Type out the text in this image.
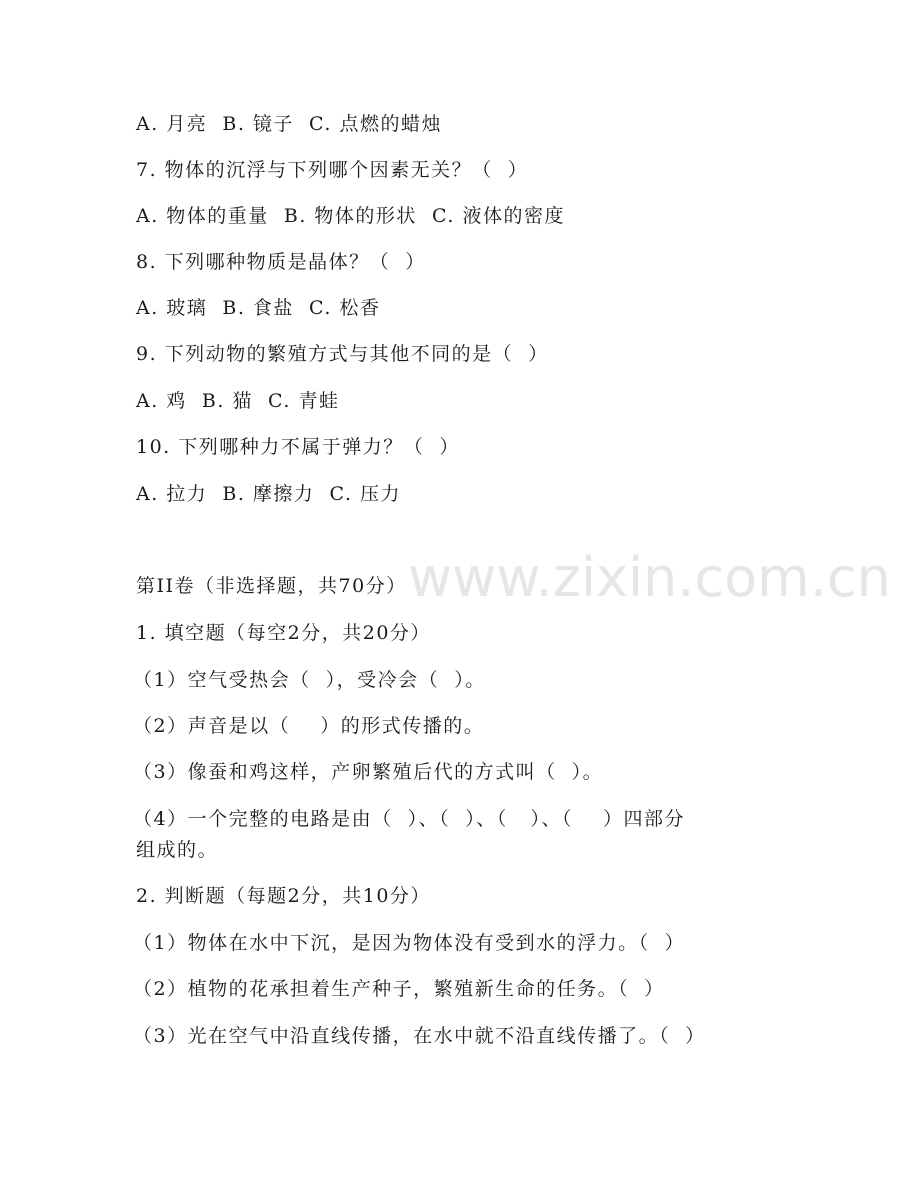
www.zixin.com.cn
A. 月亮  B. 镜子  C. 点燃的蜡烛
7. 物体的沉浮与下列哪个因素无关？（  ）
A. 物体的重量  B. 物体的形状  C. 液体的密度
8. 下列哪种物质是晶体？（  ）
A. 玻璃  B. 食盐  C. 松香
9. 下列动物的繁殖方式与其他不同的是（  ）
A. 鸡  B. 猫  C. 青蛙
10. 下列哪种力不属于弹力？（  ）
A. 拉力  B. 摩擦力  C. 压力
第II卷（非选择题，共70分）
1. 填空题（每空2分，共20分）
（1）空气受热会（  ），受冷会（  ）。
（2）声音是以（    ）的形式传播的。
（3）像蚕和鸡这样，产卵繁殖后代的方式叫（  ）。
（4）一个完整的电路是由（  ）、（  ）、（   ）、（    ）四部分
组成的。
2. 判断题（每题2分，共10分）
（1）物体在水中下沉，是因为物体没有受到水的浮力。（  ）
（2）植物的花承担着生产种子，繁殖新生命的任务。（  ）
（3）光在空气中沿直线传播，在水中就不沿直线传播了。（  ）
